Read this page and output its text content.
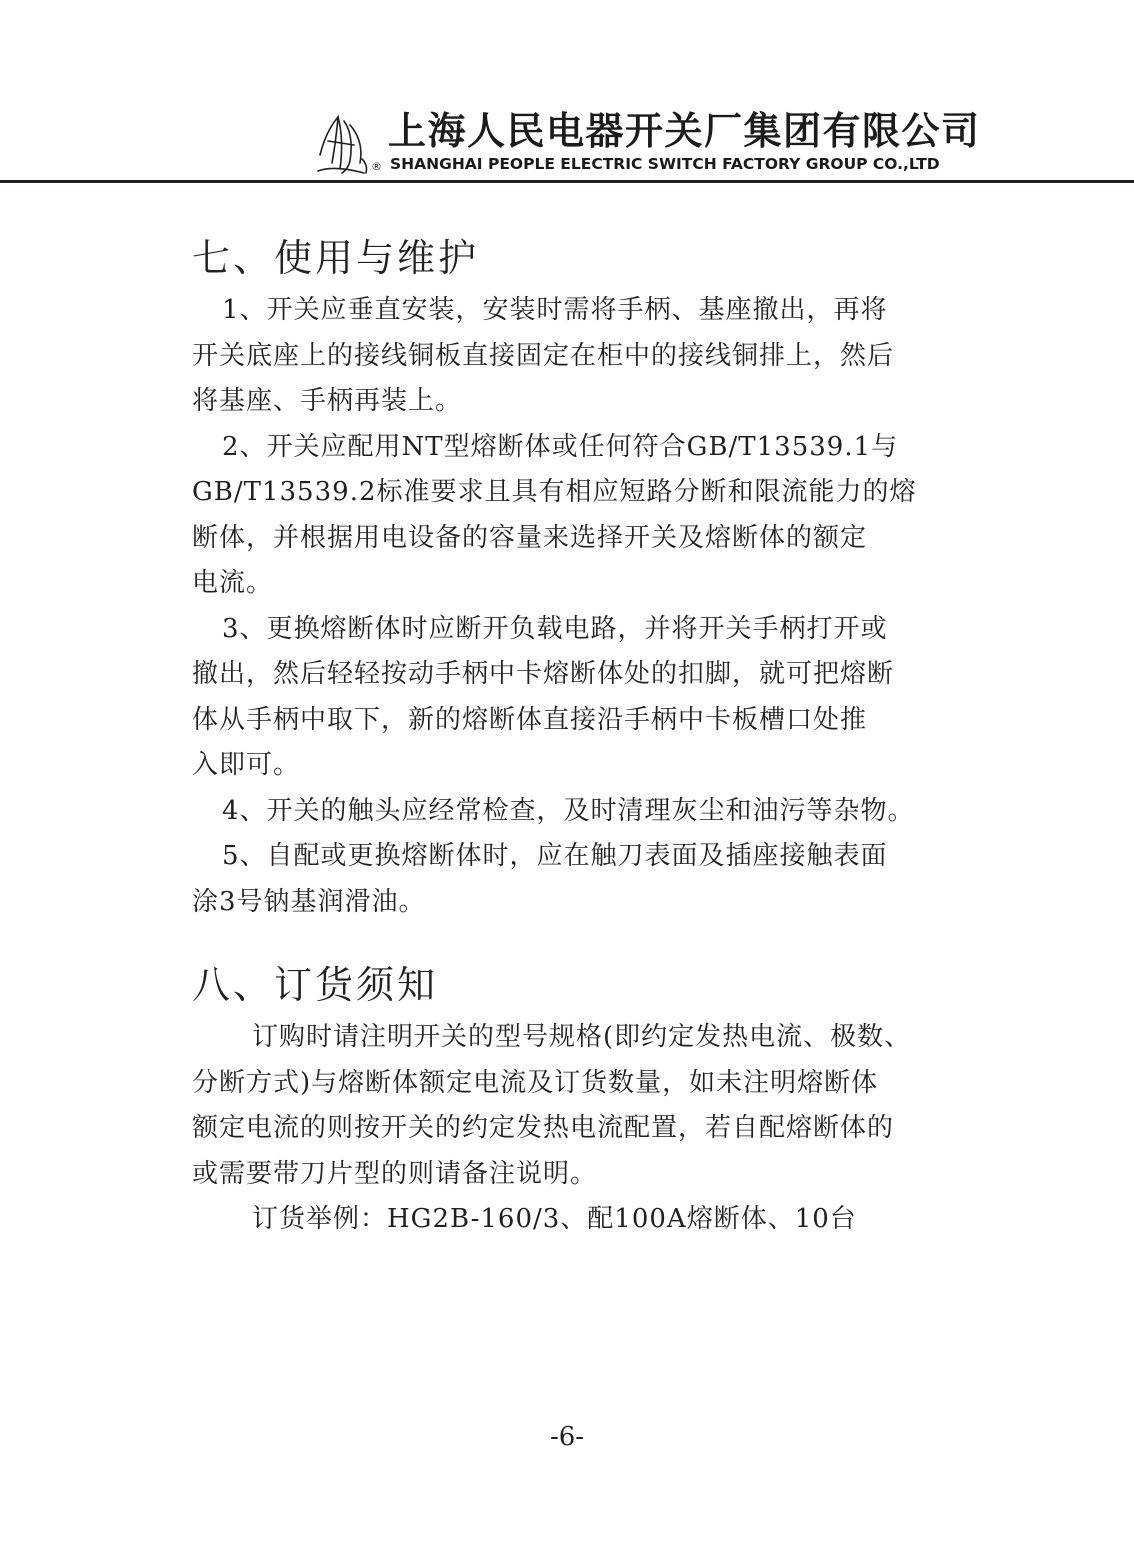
®
上海人民电器开关厂集团有限公司
SHANGHAI PEOPLE ELECTRIC SWITCH FACTORY GROUP CO.,LTD
七、使用与维护

1、开关应垂直安装，安装时需将手柄、基座撤出，再将
开关底座上的接线铜板直接固定在柜中的接线铜排上，然后
将基座、手柄再装上。

2、开关应配用NT型熔断体或任何符合GB/T13539.1与
GB/T13539.2标准要求且具有相应短路分断和限流能力的熔
断体，并根据用电设备的容量来选择开关及熔断体的额定
电流。

3、更换熔断体时应断开负载电路，并将开关手柄打开或
撤出，然后轻轻按动手柄中卡熔断体处的扣脚，就可把熔断
体从手柄中取下，新的熔断体直接沿手柄中卡板槽口处推
入即可。

4、开关的触头应经常检查，及时清理灰尘和油污等杂物。

5、自配或更换熔断体时，应在触刀表面及插座接触表面
涂3号钠基润滑油。

八、订货须知

订购时请注明开关的型号规格(即约定发热电流、极数、
分断方式)与熔断体额定电流及订货数量，如未注明熔断体
额定电流的则按开关的约定发热电流配置，若自配熔断体的
或需要带刀片型的则请备注说明。

订货举例：HG2B-160/3、配100A熔断体、10台

-6-
